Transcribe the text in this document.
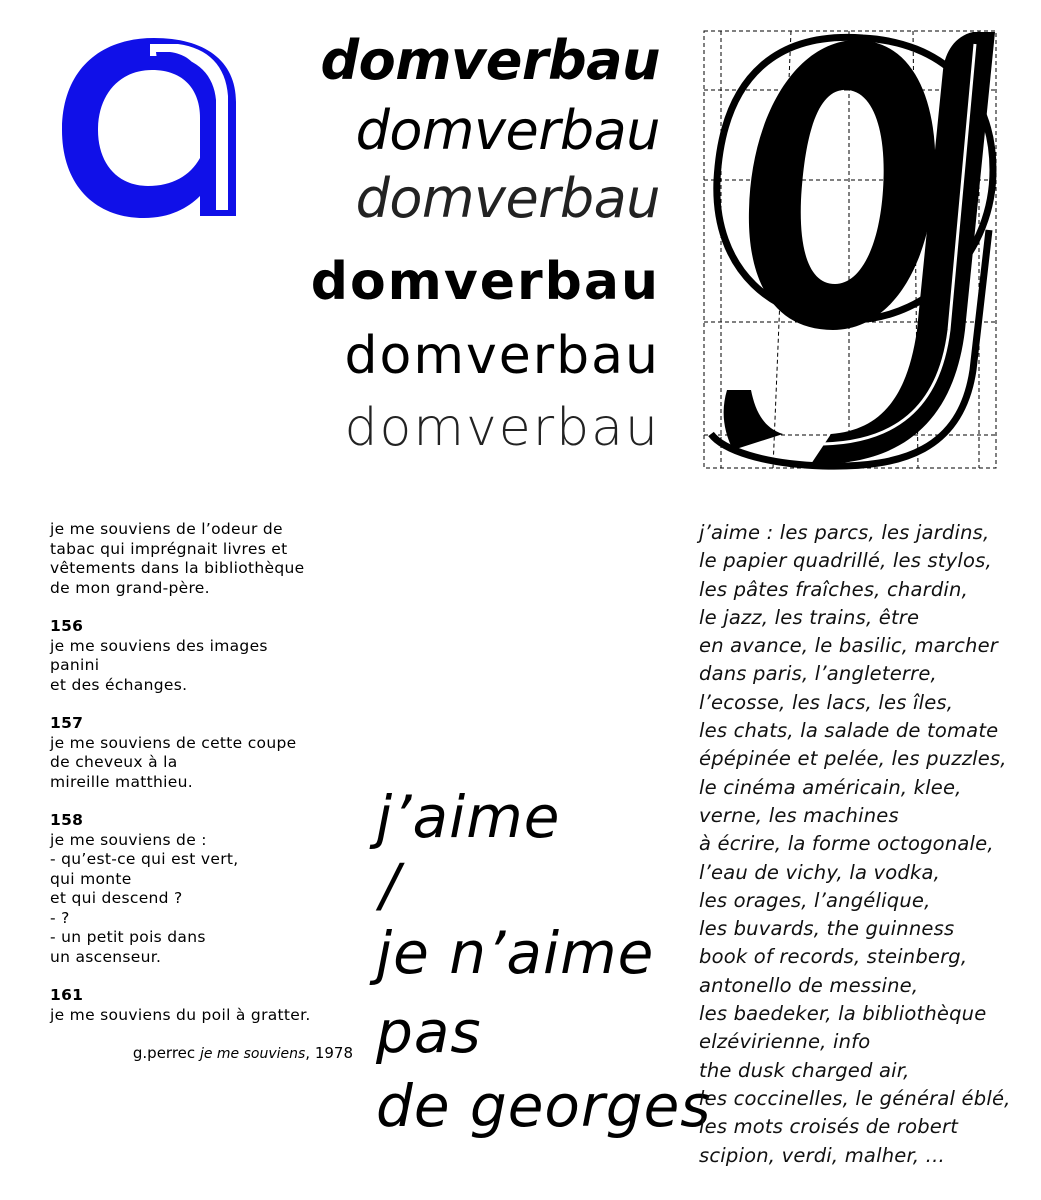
domverbau
domverbau
domverbau
domverbau
domverbau
domverbau

je me souviens de l’odeur de
tabac qui imprégnait livres et
vêtements dans la bibliothèque
de mon grand-père.

156
je me souviens des images
panini
et des échanges.

157
je me souviens de cette coupe
de cheveux à la
mireille matthieu.

158
je me souviens de :
- qu’est-ce qui est vert,
qui monte
et qui descend ?
- ?
- un petit pois dans
un ascenseur.

161
je me souviens du poil à gratter.

g.perrec je me souviens, 1978
j’aime
/
je n’aime
pas
de georges
j’aime : les parcs, les jardins,
le papier quadrillé, les stylos,
les pâtes fraîches, chardin,
le jazz, les trains, être
en avance, le basilic, marcher
dans paris, l’angleterre,
l’ecosse, les lacs, les îles,
les chats, la salade de tomate
épépinée et pelée, les puzzles,
le cinéma américain, klee,
verne, les machines
à écrire, la forme octogonale,
l’eau de vichy, la vodka,
les orages, l’angélique,
les buvards, the guinness
book of records, steinberg,
antonello de messine,
les baedeker, la bibliothèque
elzévirienne, info
the dusk charged air,
les coccinelles, le général éblé,
les mots croisés de robert
scipion, verdi, malher, ...
